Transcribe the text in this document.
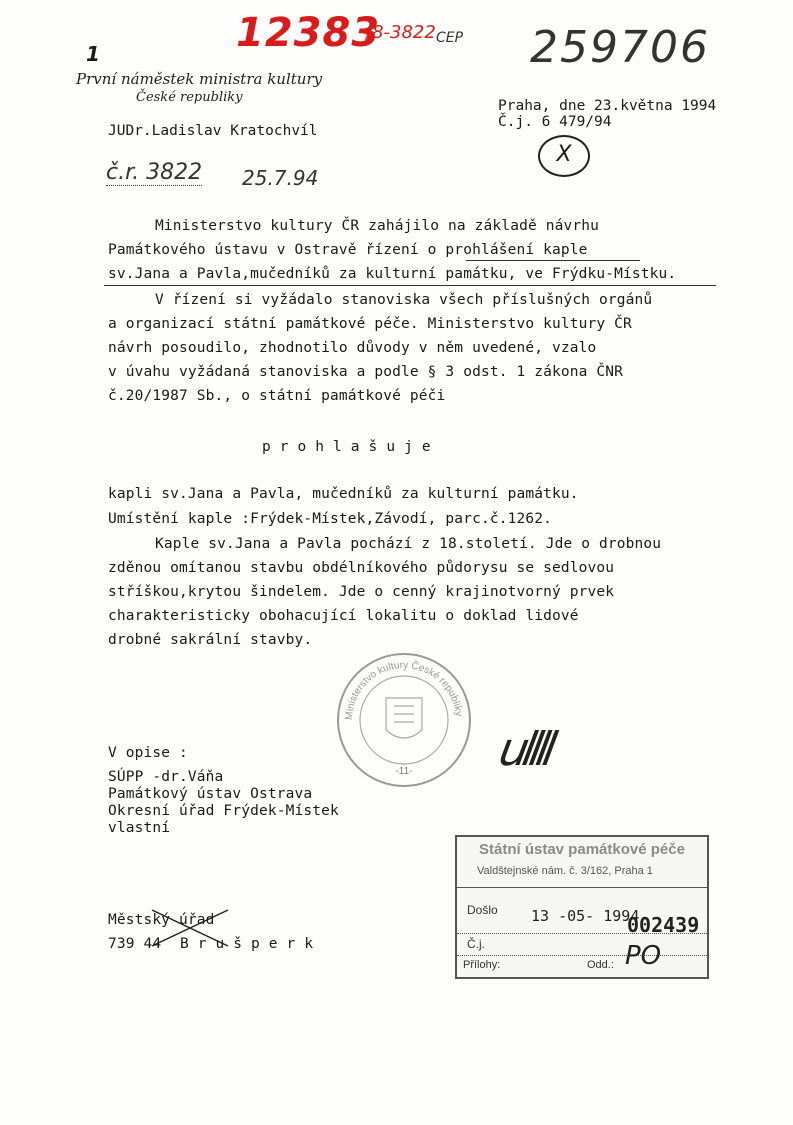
12383
/8-3822 CEP 259706
1
První náměstek ministra kultury
České republiky
JUDr.Ladislav Kratochvíl
Praha, dne 23.května 1994
Č.j. 6 479/94
X
č.r. 3822 25.7.94
Ministerstvo kultury ČR zahájilo na základě návrhu
Památkového ústavu v Ostravě řízení o prohlášení kaple
sv.Jana a Pavla,mučedníků za kulturní památku, ve Frýdku-Místku.
V řízení si vyžádalo stanoviska všech příslušných orgánů
a organizací státní památkové péče. Ministerstvo kultury ČR
návrh posoudilo, zhodnotilo důvody v něm uvedené, vzalo
v úvahu vyžádaná stanoviska a podle § 3 odst. 1 zákona ČNR
č.20/1987 Sb., o státní památkové péči
p r o h l a š u j e
kapli sv.Jana a Pavla, mučedníků za kulturní památku.
Umístění kaple :Frýdek-Místek,Závodí, parc.č.1262.
Kaple sv.Jana a Pavla pochází z 18.století. Jde o drobnou
zděnou omítanou stavbu obdélníkového půdorysu se sedlovou
stříškou,krytou šindelem. Jde o cenný krajinotvorný prvek
charakteristicky obohacující lokalitu o doklad lidové
drobné sakrální stavby.
Ministerstvo kultury České republiky
-11- ullll
V opise :
SÚPP -dr.Váňa
Památkový ústav Ostrava
Okresní úřad Frýdek-Místek
vlastní
Městský úřad
739 44 B r u š p e r k
Státní ústav památkové péče
Valdštejnské nám. č. 3/162, Praha 1
Došlo 13 -05- 1994
002439
Č.j.
Přílohy:	Odd.: PO
